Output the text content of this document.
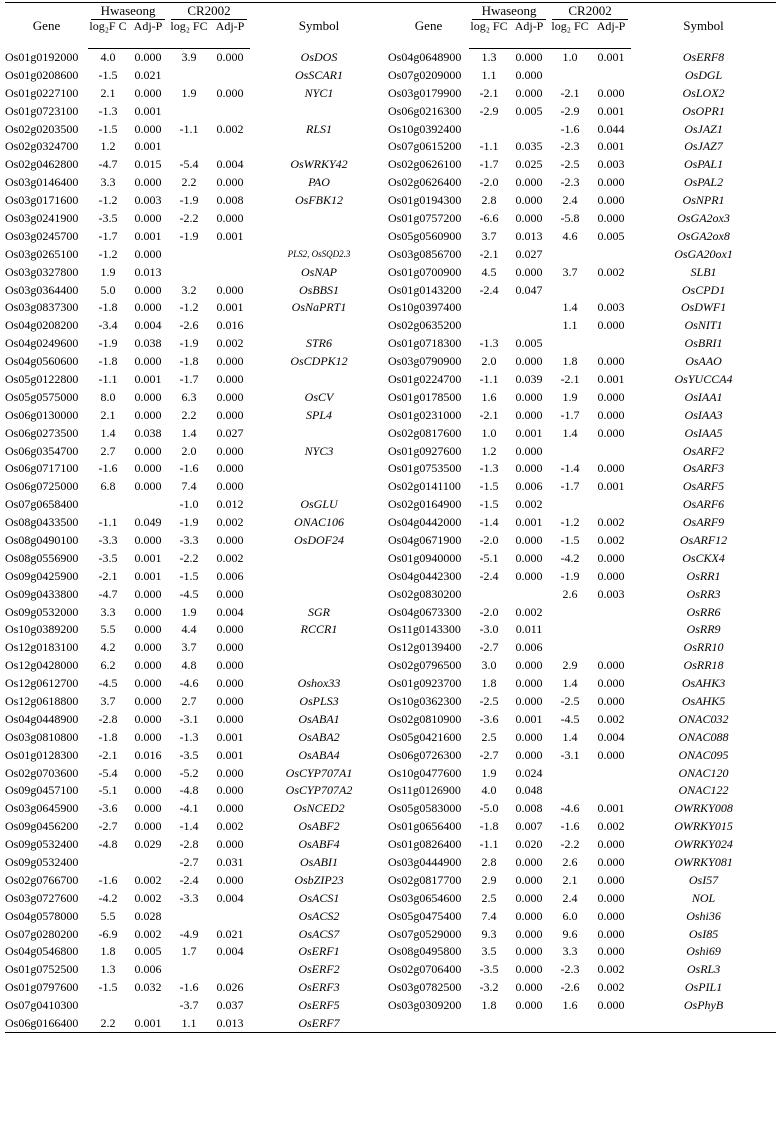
Gene	Hwaseong		CR2002		Symbol	Gene	Hwaseong		CR2002		Symbol
	log₂F C	Adj-P	log₂ FC	Adj-P			log₂ FC	Adj-P	log₂ FC	Adj-P	
Os01g0192000	4.0	0.000	3.9	0.000	OsDOS	Os04g0648900	1.3	0.000	1.0	0.001	OsERF8
Os01g0208600	-1.5	0.021			OsSCAR1	Os07g0209000	1.1	0.000			OsDGL
Os01g0227100	2.1	0.000	1.9	0.000	NYC1	Os03g0179900	-2.1	0.000	-2.1	0.000	OsLOX2
Os01g0723100	-1.3	0.001				Os06g0216300	-2.9	0.005	-2.9	0.001	OsOPR1
Os02g0203500	-1.5	0.000	-1.1	0.002	RLS1	Os10g0392400			-1.6	0.044	OsJAZ1
Os02g0324700	1.2	0.001				Os07g0615200	-1.1	0.035	-2.3	0.001	OsJAZ7
Os02g0462800	-4.7	0.015	-5.4	0.004	OsWRKY42	Os02g0626100	-1.7	0.025	-2.5	0.003	OsPAL1
Os03g0146400	3.3	0.000	2.2	0.000	PAO	Os02g0626400	-2.0	0.000	-2.3	0.000	OsPAL2
Os03g0171600	-1.2	0.003	-1.9	0.008	OsFBK12	Os01g0194300	2.8	0.000	2.4	0.000	OsNPR1
Os03g0241900	-3.5	0.000	-2.2	0.000		Os01g0757200	-6.6	0.000	-5.8	0.000	OsGA2ox3
Os03g0245700	-1.7	0.001	-1.9	0.001		Os05g0560900	3.7	0.013	4.6	0.005	OsGA2ox8
Os03g0265100	-1.2	0.000			PLS2, OsSQD2.3	Os03g0856700	-2.1	0.027			OsGA20ox1
Os03g0327800	1.9	0.013			OsNAP	Os01g0700900	4.5	0.000	3.7	0.002	SLB1
Os03g0364400	5.0	0.000	3.2	0.000	OsBBS1	Os01g0143200	-2.4	0.047			OsCPD1
Os03g0837300	-1.8	0.000	-1.2	0.001	OsNaPRT1	Os10g0397400			1.4	0.003	OsDWF1
Os04g0208200	-3.4	0.004	-2.6	0.016		Os02g0635200			1.1	0.000	OsNIT1
Os04g0249600	-1.9	0.038	-1.9	0.002	STR6	Os01g0718300	-1.3	0.005			OsBRI1
Os04g0560600	-1.8	0.000	-1.8	0.000	OsCDPK12	Os03g0790900	2.0	0.000	1.8	0.000	OsAAO
Os05g0122800	-1.1	0.001	-1.7	0.000		Os01g0224700	-1.1	0.039	-2.1	0.001	OsYUCCA4
Os05g0575000	8.0	0.000	6.3	0.000	OsCV	Os01g0178500	1.6	0.000	1.9	0.000	OsIAA1
Os06g0130000	2.1	0.000	2.2	0.000	SPL4	Os01g0231000	-2.1	0.000	-1.7	0.000	OsIAA3
Os06g0273500	1.4	0.038	1.4	0.027		Os02g0817600	1.0	0.001	1.4	0.000	OsIAA5
Os06g0354700	2.7	0.000	2.0	0.000	NYC3	Os01g0927600	1.2	0.000			OsARF2
Os06g0717100	-1.6	0.000	-1.6	0.000		Os01g0753500	-1.3	0.000	-1.4	0.000	OsARF3
Os06g0725000	6.8	0.000	7.4	0.000		Os02g0141100	-1.5	0.006	-1.7	0.001	OsARF5
Os07g0658400			-1.0	0.012	OsGLU	Os02g0164900	-1.5	0.002			OsARF6
Os08g0433500	-1.1	0.049	-1.9	0.002	ONAC106	Os04g0442000	-1.4	0.001	-1.2	0.002	OsARF9
Os08g0490100	-3.3	0.000	-3.3	0.000	OsDOF24	Os04g0671900	-2.0	0.000	-1.5	0.002	OsARF12
Os08g0556900	-3.5	0.001	-2.2	0.002		Os01g0940000	-5.1	0.000	-4.2	0.000	OsCKX4
Os09g0425900	-2.1	0.001	-1.5	0.006		Os04g0442300	-2.4	0.000	-1.9	0.000	OsRR1
Os09g0433800	-4.7	0.000	-4.5	0.000		Os02g0830200			2.6	0.003	OsRR3
Os09g0532000	3.3	0.000	1.9	0.004	SGR	Os04g0673300	-2.0	0.002			OsRR6
Os10g0389200	5.5	0.000	4.4	0.000	RCCR1	Os11g0143300	-3.0	0.011			OsRR9
Os12g0183100	4.2	0.000	3.7	0.000		Os12g0139400	-2.7	0.006			OsRR10
Os12g0428000	6.2	0.000	4.8	0.000		Os02g0796500	3.0	0.000	2.9	0.000	OsRR18
Os12g0612700	-4.5	0.000	-4.6	0.000	Oshox33	Os01g0923700	1.8	0.000	1.4	0.000	OsAHK3
Os12g0618800	3.7	0.000	2.7	0.000	OsPLS3	Os10g0362300	-2.5	0.000	-2.5	0.000	OsAHK5
Os04g0448900	-2.8	0.000	-3.1	0.000	OsABA1	Os02g0810900	-3.6	0.001	-4.5	0.002	ONAC032
Os03g0810800	-1.8	0.000	-1.3	0.001	OsABA2	Os05g0421600	2.5	0.000	1.4	0.004	ONAC088
Os01g0128300	-2.1	0.016	-3.5	0.001	OsABA4	Os06g0726300	-2.7	0.000	-3.1	0.000	ONAC095
Os02g0703600	-5.4	0.000	-5.2	0.000	OsCYP707A1	Os10g0477600	1.9	0.024			ONAC120
Os09g0457100	-5.1	0.000	-4.8	0.000	OsCYP707A2	Os11g0126900	4.0	0.048			ONAC122
Os03g0645900	-3.6	0.000	-4.1	0.000	OsNCED2	Os05g0583000	-5.0	0.008	-4.6	0.001	OWRKY008
Os09g0456200	-2.7	0.000	-1.4	0.002	OsABF2	Os01g0656400	-1.8	0.007	-1.6	0.002	OWRKY015
Os09g0532400	-4.8	0.029	-2.8	0.000	OsABF4	Os01g0826400	-1.1	0.020	-2.2	0.000	OWRKY024
Os09g0532400			-2.7	0.031	OsABI1	Os03g0444900	2.8	0.000	2.6	0.000	OWRKY081
Os02g0766700	-1.6	0.002	-2.4	0.000	OsbZIP23	Os02g0817700	2.9	0.000	2.1	0.000	OsI57
Os03g0727600	-4.2	0.002	-3.3	0.004	OsACS1	Os03g0654600	2.5	0.000	2.4	0.000	NOL
Os04g0578000	5.5	0.028			OsACS2	Os05g0475400	7.4	0.000	6.0	0.000	Oshi36
Os07g0280200	-6.9	0.002	-4.9	0.021	OsACS7	Os07g0529000	9.3	0.000	9.6	0.000	OsI85
Os04g0546800	1.8	0.005	1.7	0.004	OsERF1	Os08g0495800	3.5	0.000	3.3	0.000	Oshi69
Os01g0752500	1.3	0.006			OsERF2	Os02g0706400	-3.5	0.000	-2.3	0.002	OsRL3
Os01g0797600	-1.5	0.032	-1.6	0.026	OsERF3	Os03g0782500	-3.2	0.000	-2.6	0.002	OsPIL1
Os07g0410300			-3.7	0.037	OsERF5	Os03g0309200	1.8	0.000	1.6	0.000	OsPhyB
Os06g0166400	2.2	0.001	1.1	0.013	OsERF7						
